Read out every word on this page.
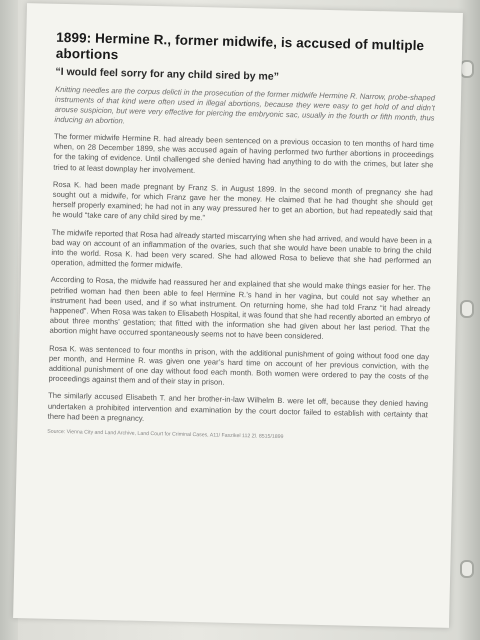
1899: Hermine R., former midwife, is accused of multiple abortions
“I would feel sorry for any child sired by me”

Knitting needles are the corpus delicti in the prosecution of the former midwife Hermine R. Narrow, probe-shaped instruments of that kind were often used in illegal abortions, because they were easy to get hold of and didn’t arouse suspicion, but were very effective for piercing the embryonic sac, usually in the fourth or fifth month, thus inducing an abortion.

The former midwife Hermine R. had already been sentenced on a previous occasion to ten months of hard time when, on 28 December 1899, she was accused again of having performed two further abortions in proceedings for the taking of evidence. Until challenged she denied having had anything to do with the crimes, but later she tried to at least downplay her involvement.

Rosa K. had been made pregnant by Franz S. in August 1899. In the second month of pregnancy she had sought out a midwife, for which Franz gave her the money. He claimed that he had thought she should get herself properly examined; he had not in any way pressured her to get an abortion, but had repeatedly said that he would “take care of any child sired by me.”

The midwife reported that Rosa had already started miscarrying when she had arrived, and would have been in a bad way on account of an inflammation of the ovaries, such that she would have been unable to bring the child into the world. Rosa K. had been very scared. She had allowed Rosa to believe that she had performed an operation, admitted the former midwife.

According to Rosa, the midwife had reassured her and explained that she would make things easier for her. The petrified woman had then been able to feel Hermine R.’s hand in her vagina, but could not say whether an instrument had been used, and if so what instrument. On returning home, she had told Franz “it had already happened”. When Rosa was taken to Elisabeth Hospital, it was found that she had recently aborted an embryo of about three months’ gestation; that fitted with the information she had given about her last period. That the abortion might have occurred spontaneously seems not to have been considered.

Rosa K. was sentenced to four months in prison, with the additional punishment of going without food one day per month, and Hermine R. was given one year’s hard time on account of her previous conviction, with the additional punishment of one day without food each month. Both women were ordered to pay the costs of the proceedings against them and of their stay in prison.

The similarly accused Elisabeth T. and her brother-in-law Wilhelm B. were let off, because they denied having undertaken a prohibited intervention and examination by the court doctor failed to establish with certainty that there had been a pregnancy.

Source: Vienna City and Land Archive, Land Court for Criminal Cases, A11/ Faszikel 112 Zl. 8515/1899
